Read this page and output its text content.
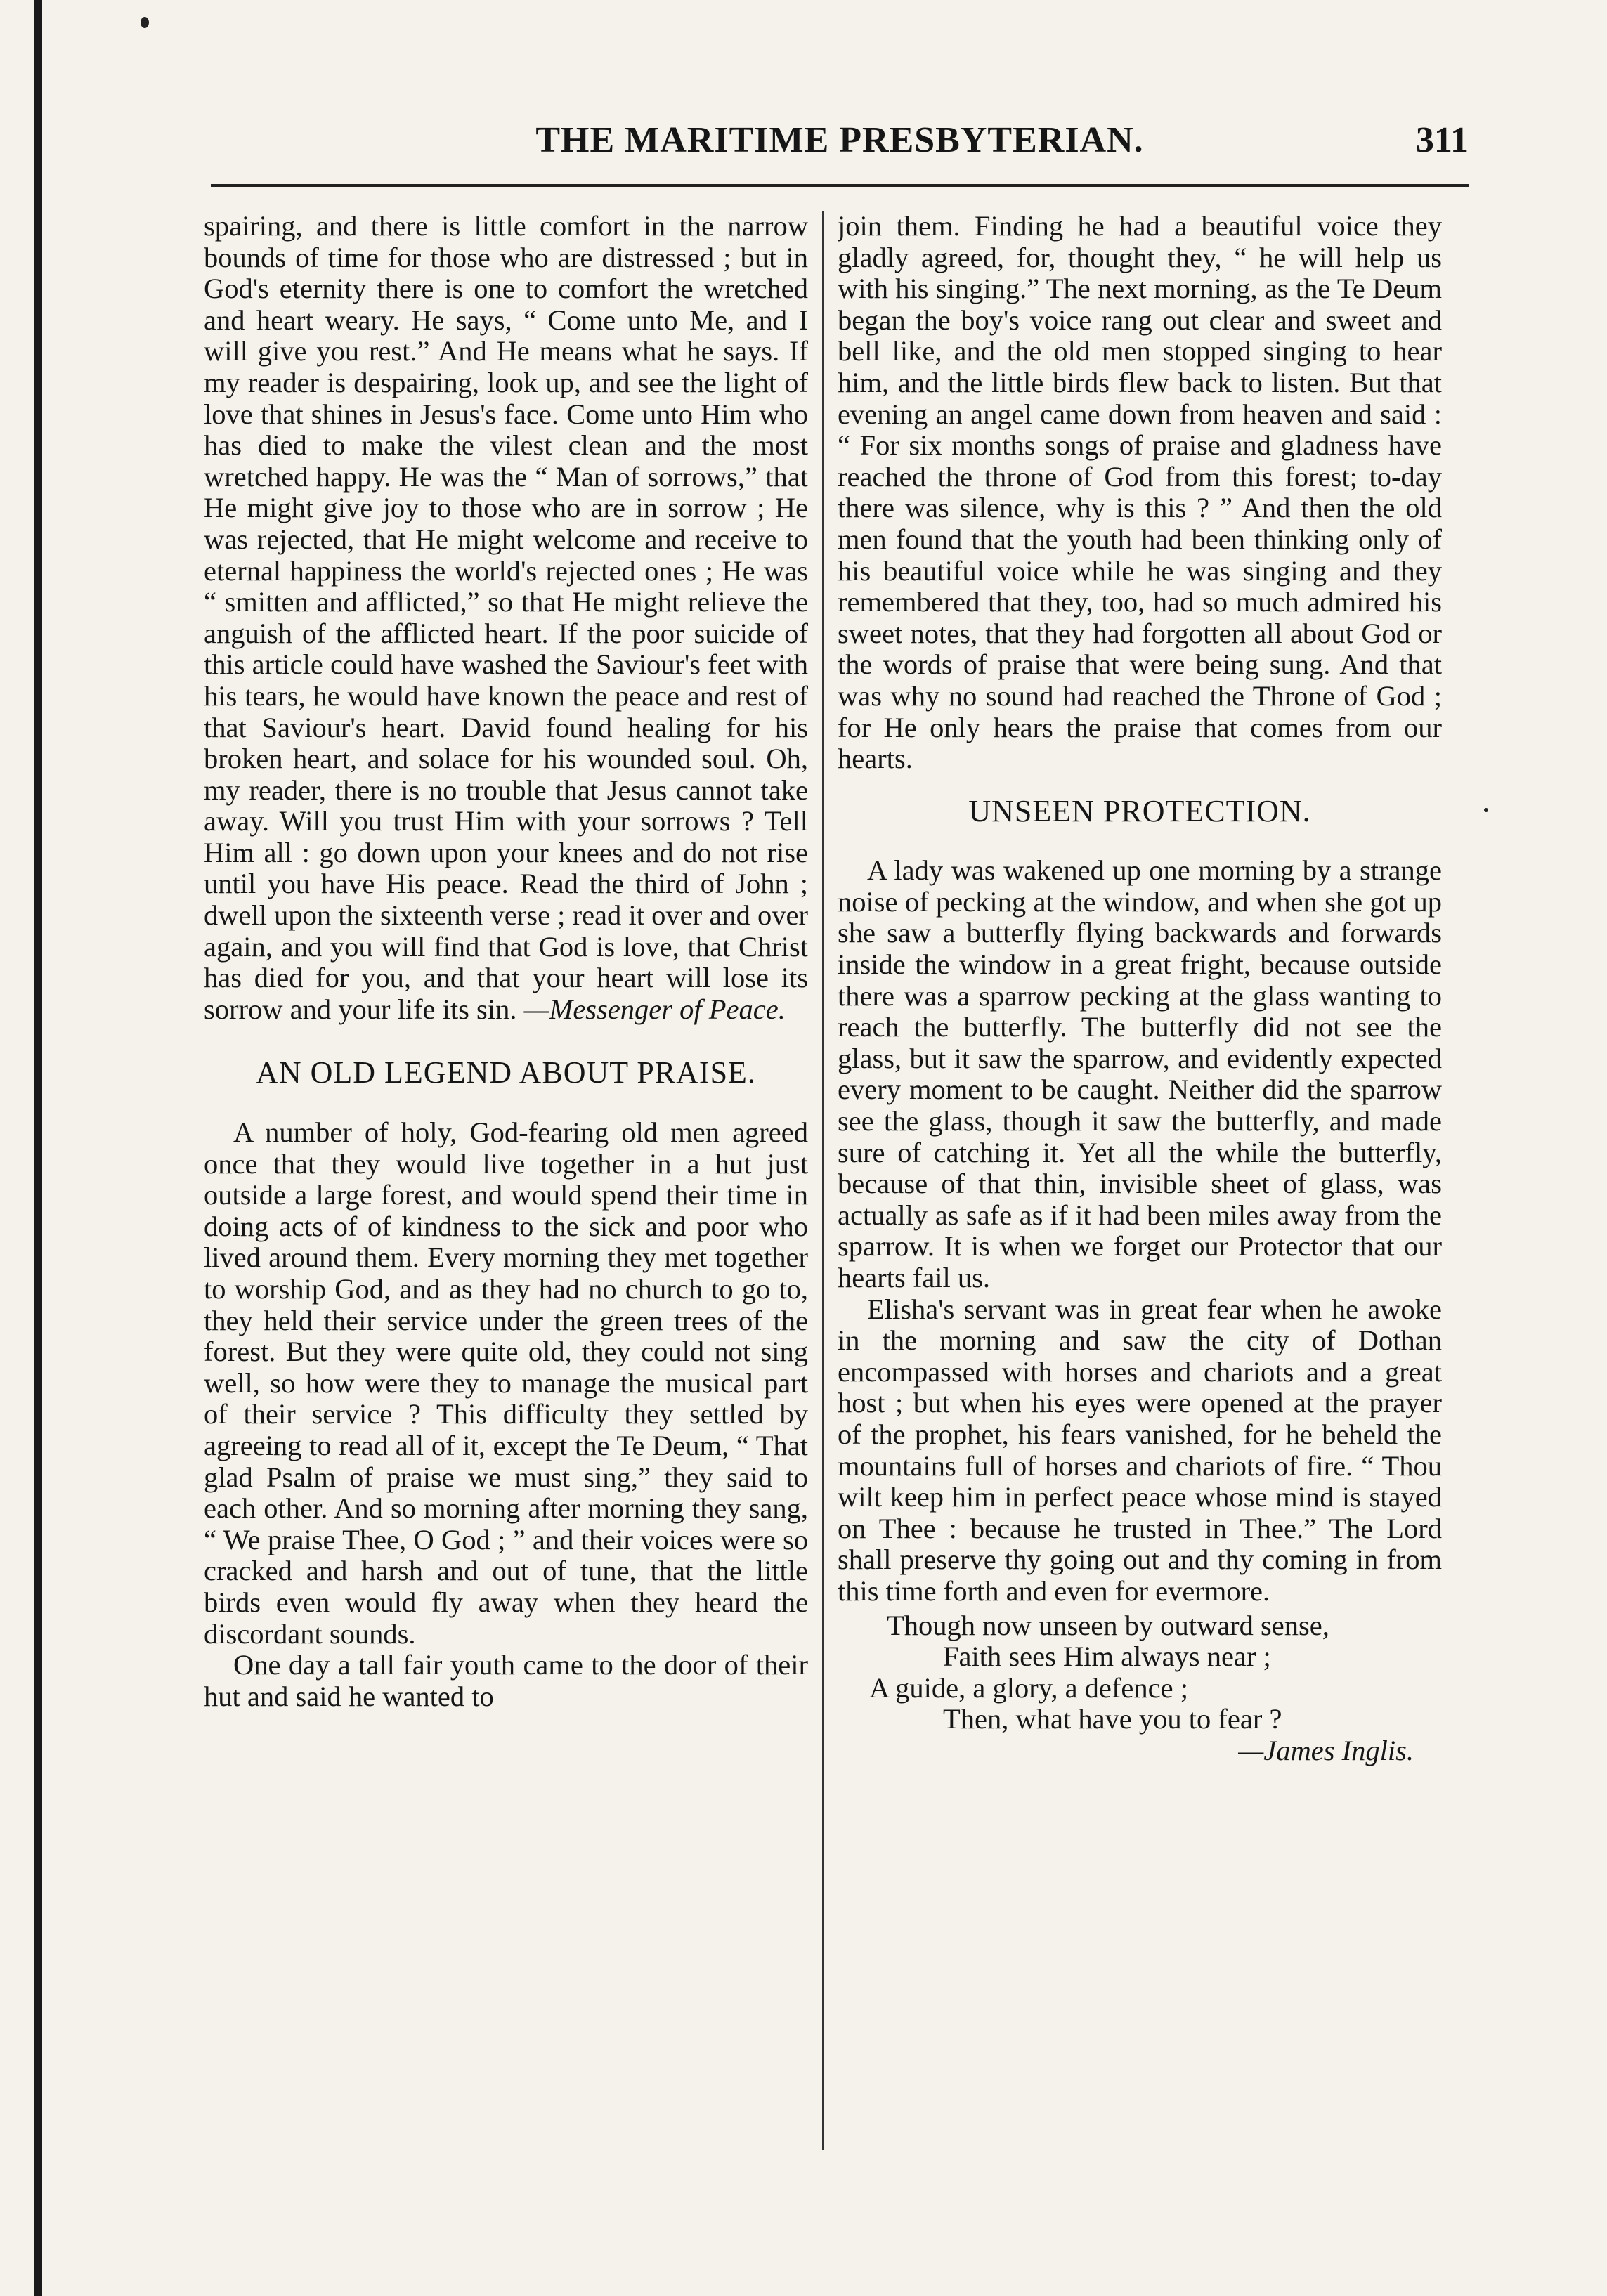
THE MARITIME PRESBYTERIAN.	311

spairing, and there is little comfort in the narrow bounds of time for those who are distressed ; but in God's eternity there is one to comfort the wretched and heart weary. He says, “ Come unto Me, and I will give you rest.” And He means what he says. If my reader is despairing, look up, and see the light of love that shines in Jesus's face. Come unto Him who has died to make the vilest clean and the most wretched happy. He was the “ Man of sorrows,” that He might give joy to those who are in sorrow ; He was rejected, that He might welcome and receive to eternal happiness the world's rejected ones ; He was “ smitten and afflicted,” so that He might relieve the anguish of the afflicted heart. If the poor suicide of this article could have washed the Saviour's feet with his tears, he would have known the peace and rest of that Saviour's heart. David found healing for his broken heart, and solace for his wounded soul. Oh, my reader, there is no trouble that Jesus cannot take away. Will you trust Him with your sorrows ? Tell Him all : go down upon your knees and do not rise until you have His peace. Read the third of John ; dwell upon the sixteenth verse ; read it over and over again, and you will find that God is love, that Christ has died for you, and that your heart will lose its sorrow and your life its sin. —Messenger of Peace.

AN OLD LEGEND ABOUT PRAISE.

A number of holy, God-fearing old men agreed once that they would live together in a hut just outside a large forest, and would spend their time in doing acts of of kindness to the sick and poor who lived around them. Every morning they met together to worship God, and as they had no church to go to, they held their service under the green trees of the forest. But they were quite old, they could not sing well, so how were they to manage the musical part of their service ? This difficulty they settled by agreeing to read all of it, except the Te Deum, “ That glad Psalm of praise we must sing,” they said to each other. And so morning after morning they sang, “ We praise Thee, O God ; ” and their voices were so cracked and harsh and out of tune, that the little birds even would fly away when they heard the discordant sounds.

One day a tall fair youth came to the door of their hut and said he wanted to

join them. Finding he had a beautiful voice they gladly agreed, for, thought they, “ he will help us with his singing.” The next morning, as the Te Deum began the boy's voice rang out clear and sweet and bell like, and the old men stopped singing to hear him, and the little birds flew back to listen. But that evening an angel came down from heaven and said : “ For six months songs of praise and gladness have reached the throne of God from this forest; to-day there was silence, why is this ? ” And then the old men found that the youth had been thinking only of his beautiful voice while he was singing and they remembered that they, too, had so much admired his sweet notes, that they had forgotten all about God or the words of praise that were being sung. And that was why no sound had reached the Throne of God ; for He only hears the praise that comes from our hearts.

UNSEEN PROTECTION.

A lady was wakened up one morning by a strange noise of pecking at the window, and when she got up she saw a butterfly flying backwards and forwards inside the window in a great fright, because outside there was a sparrow pecking at the glass wanting to reach the butterfly. The butterfly did not see the glass, but it saw the sparrow, and evidently expected every moment to be caught. Neither did the sparrow see the glass, though it saw the butterfly, and made sure of catching it. Yet all the while the butterfly, because of that thin, invisible sheet of glass, was actually as safe as if it had been miles away from the sparrow. It is when we forget our Protector that our hearts fail us.

Elisha's servant was in great fear when he awoke in the morning and saw the city of Dothan encompassed with horses and chariots and a great host ; but when his eyes were opened at the prayer of the prophet, his fears vanished, for he beheld the mountains full of horses and chariots of fire. “ Thou wilt keep him in perfect peace whose mind is stayed on Thee : because he trusted in Thee.” The Lord shall preserve thy going out and thy coming in from this time forth and even for evermore.

Though now unseen by outward sense,
Faith sees Him always near ;
A guide, a glory, a defence ;
Then, what have you to fear ?
—James Inglis.
